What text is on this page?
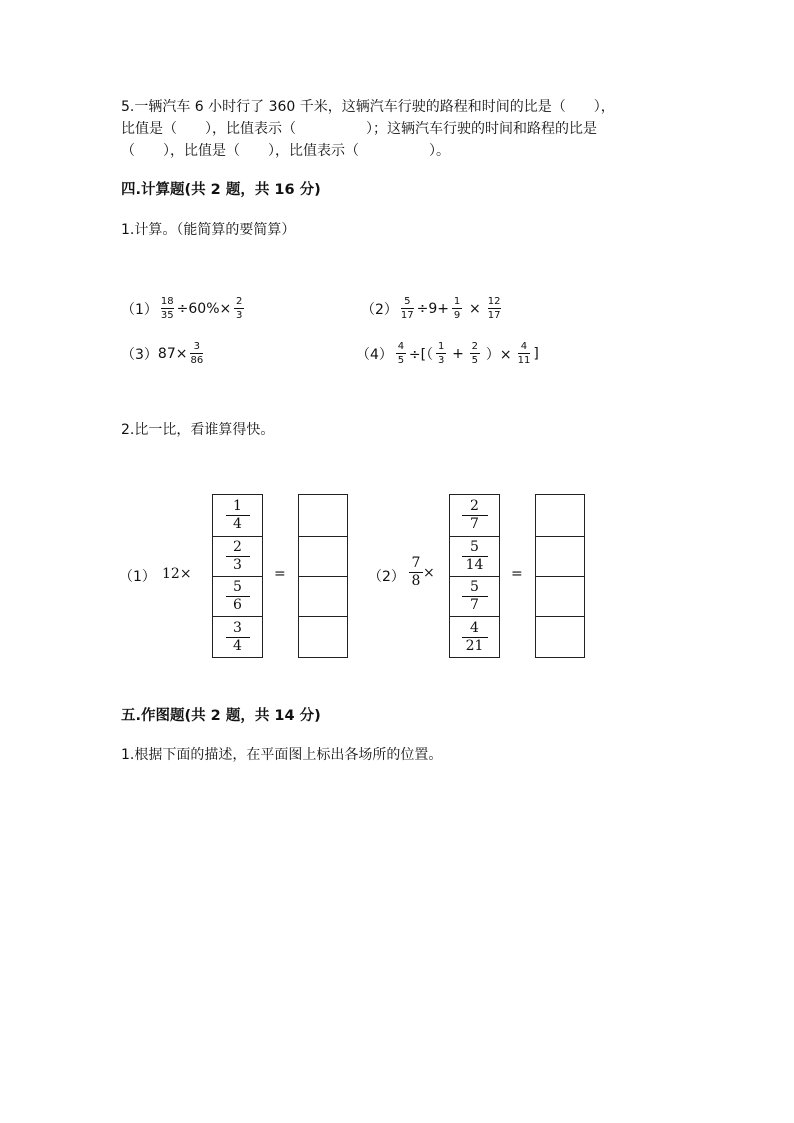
5.一辆汽车 6 小时行了 360 千米，这辆汽车行驶的路程和时间的比是（　　），
比值是（　　），比值表示（　　　　　）；这辆汽车行驶的时间和路程的比是
（　　），比值是（　　），比值表示（　　　　　）。
四.计算题(共 2 题，共 16 分)
1.计算。（能简算的要简算）
$(1) \frac{18}{35} \div 60\%\times \frac{2}{3}$	$(2) \frac{5}{17} \div 9+ \frac{1}{9} \times \frac{12}{17}$
（3） $87\times \frac{3}{86}$	$(4) \frac{4}{5}$ ÷[（ $\frac{1}{3} + \frac{2}{5}$ ）× $\frac{4}{11}$ ]
2.比一比，看谁算得快。
（1） 12×
1
4
2
3
5
6
3
4
=	（2）
7
8
×
2
7
5
14
5
7
4
21
=
五.作图题(共 2 题，共 14 分)
1.根据下面的描述，在平面图上标出各场所的位置。
